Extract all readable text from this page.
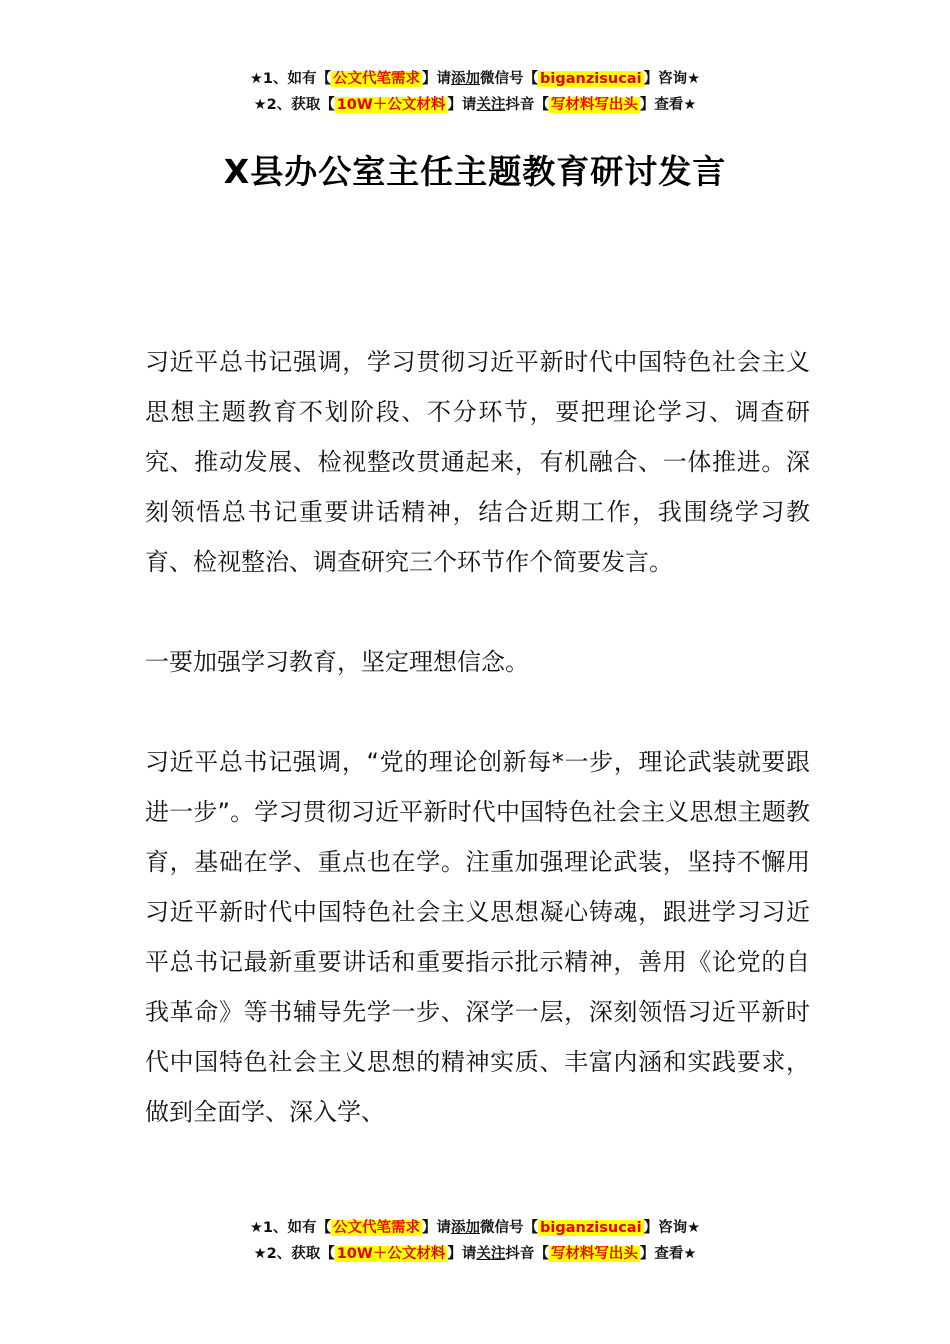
★1、如有【 公文代笔需求 】请添加微信号【 biganzisucai 】咨询★
★2、获取【 10W＋公文材料 】请关注抖音【 写材料写出头 】查看★
X县办公室主任主题教育研讨发言

习近平总书记强调，学习贯彻习近平新时代中国特色社会主义思想主题教育不划阶段、不分环节，要把理论学习、调查研究、推动发展、检视整改贯通起来，有机融合、一体推进。深刻领悟总书记重要讲话精神，结合近期工作，我围绕学习教育、检视整治、调查研究三个环节作个简要发言。

一要加强学习教育，坚定理想信念。

习近平总书记强调，“党的理论创新每*一步，理论武装就要跟进一步”。学习贯彻习近平新时代中国特色社会主义思想主题教育，基础在学、重点也在学。注重加强理论武装，坚持不懈用习近平新时代中国特色社会主义思想凝心铸魂，跟进学习习近平总书记最新重要讲话和重要指示批示精神，善用《论党的自我革命》等书辅导先学一步、深学一层，深刻领悟习近平新时代中国特色社会主义思想的精神实质、丰富内涵和实践要求，做到全面学、深入学、

★1、如有【 公文代笔需求 】请添加微信号【 biganzisucai 】咨询★
★2、获取【 10W＋公文材料 】请关注抖音【 写材料写出头 】查看★
